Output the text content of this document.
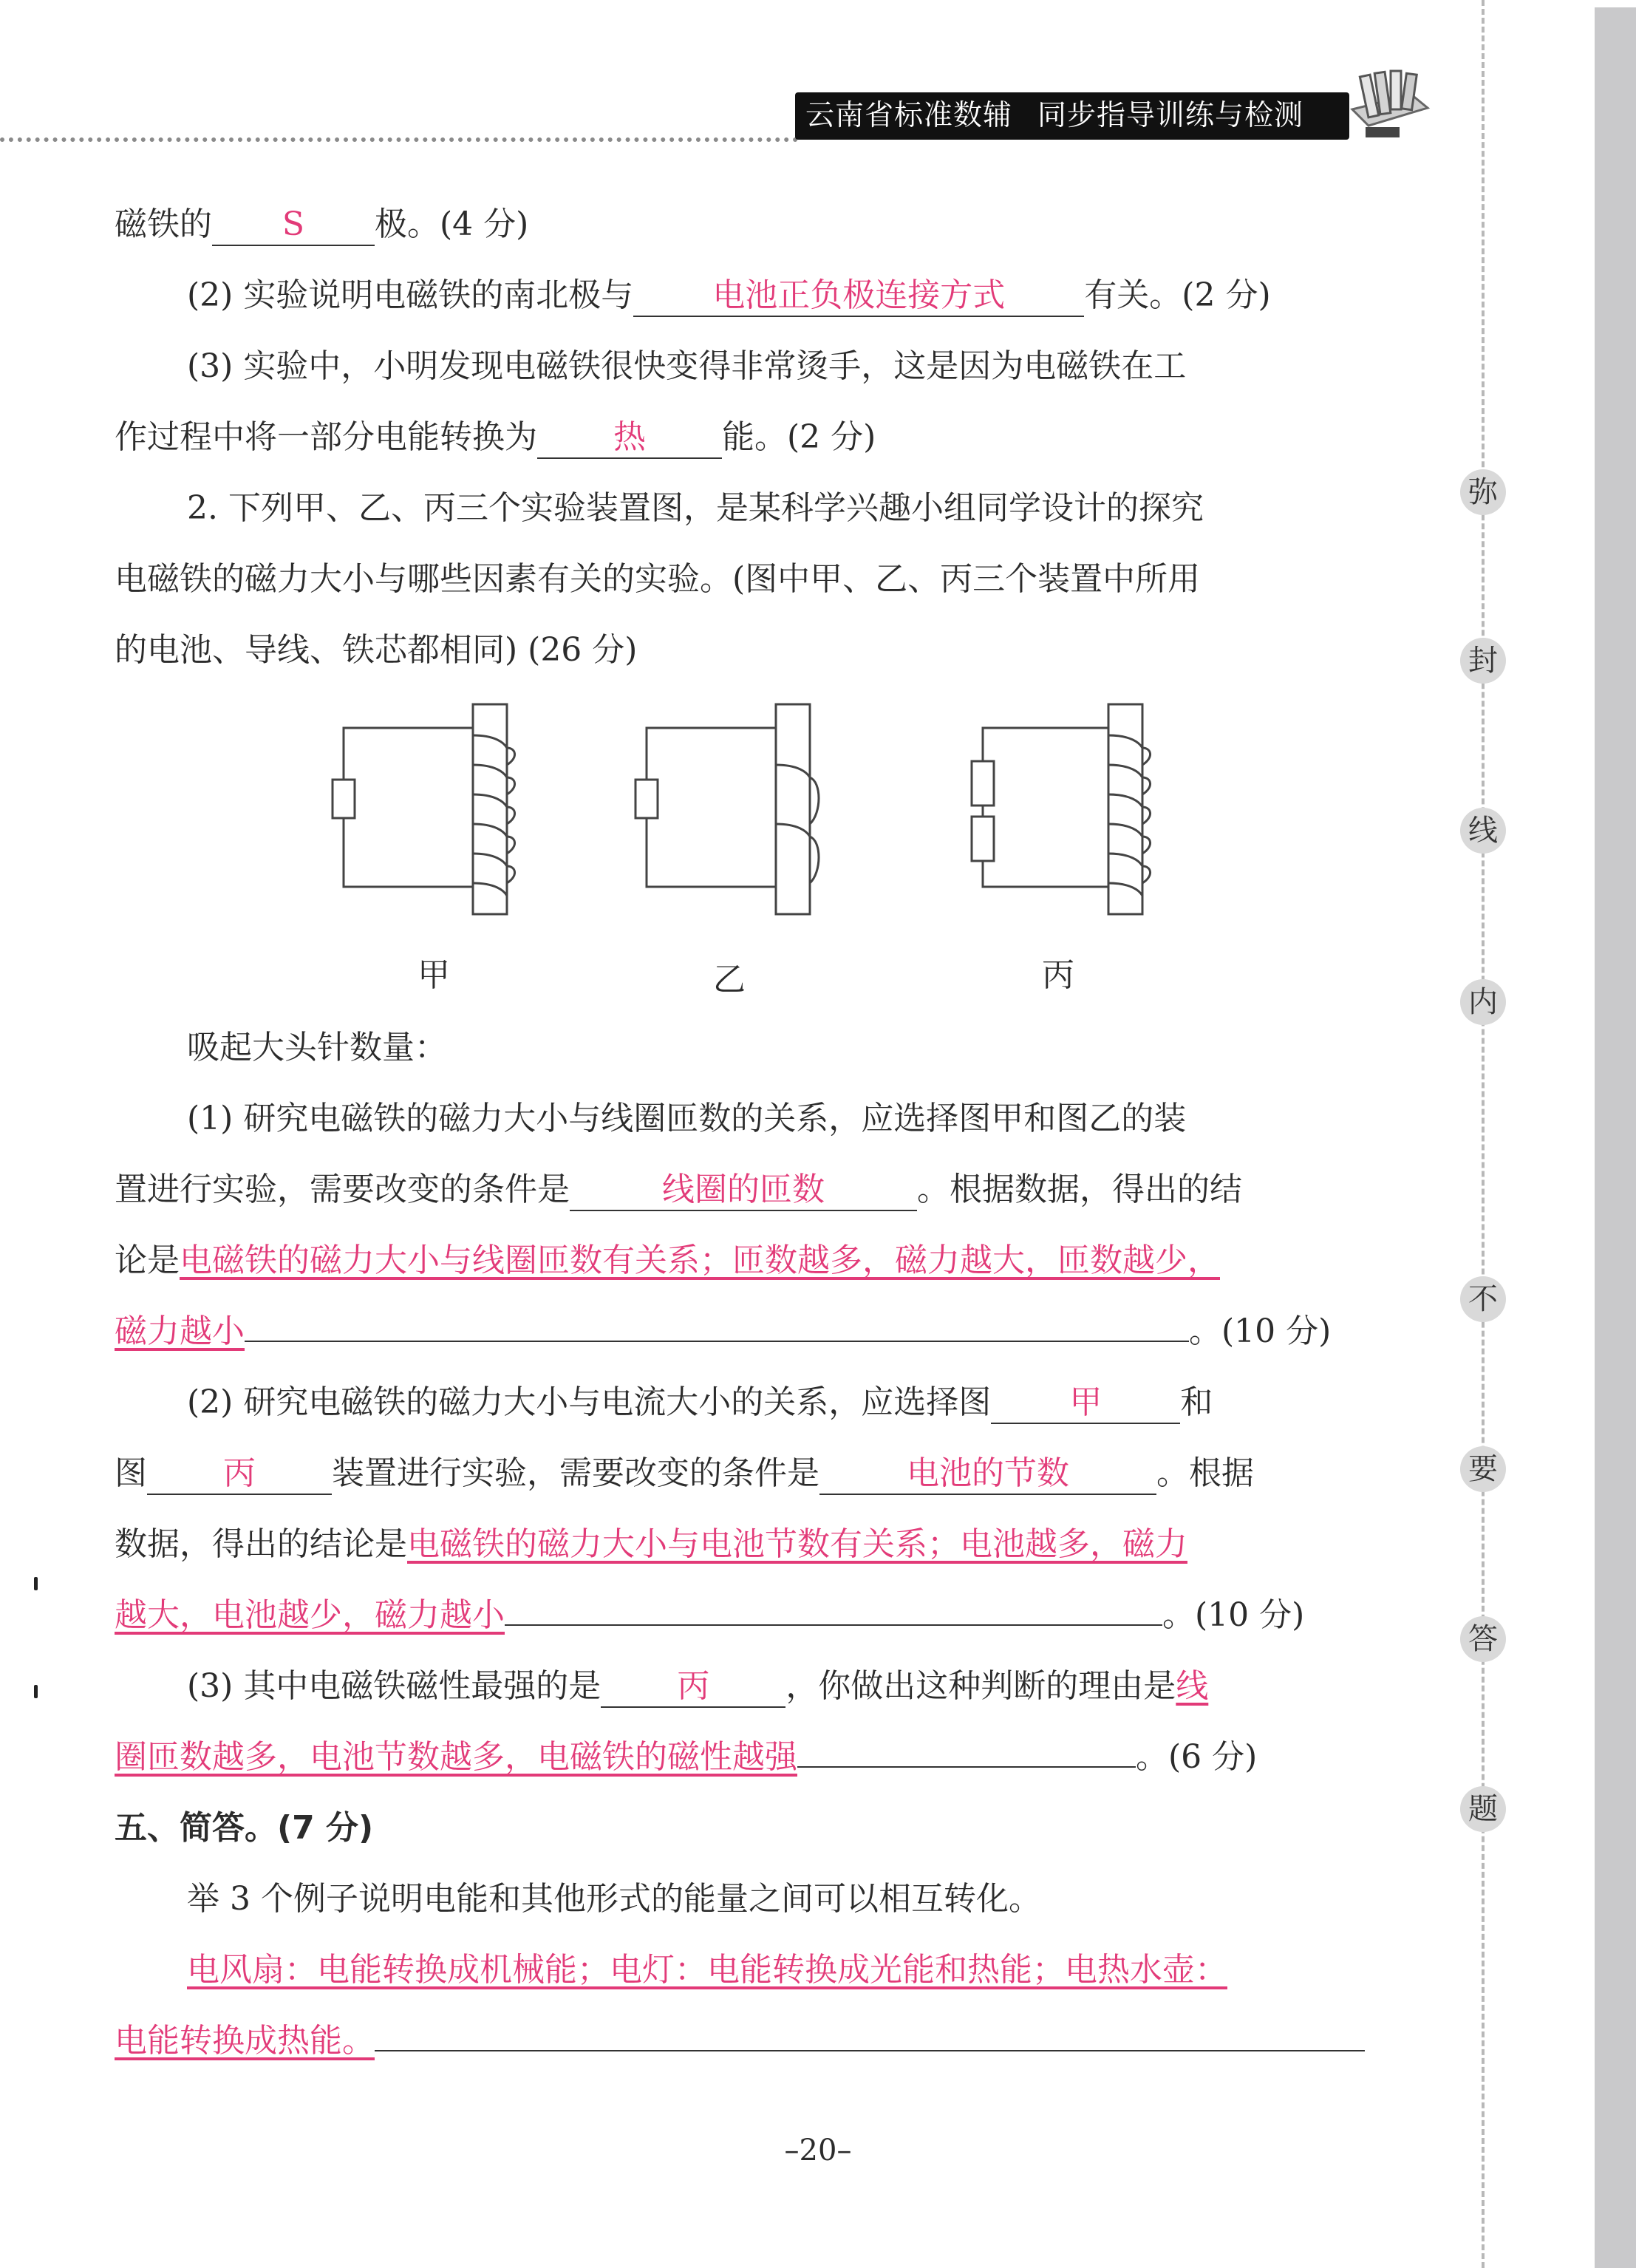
弥
封
线
内
不
要
答
题
云南省标准数辅 同步指导训练与检测
磁铁的 S 极。(4 分)
(2) 实验说明电磁铁的南北极与 电池正负极连接方式 有关。(2 分)
(3) 实验中，小明发现电磁铁很快变得非常烫手，这是因为电磁铁在工
作过程中将一部分电能转换为 热 能。(2 分)
2. 下列甲、乙、丙三个实验装置图，是某科学兴趣小组同学设计的探究
电磁铁的磁力大小与哪些因素有关的实验。(图中甲、乙、丙三个装置中所用
的电池、导线、铁芯都相同) (26 分)
甲	乙	丙
吸起大头针数量：
(1) 研究电磁铁的磁力大小与线圈匝数的关系，应选择图甲和图乙的装
置进行实验，需要改变的条件是	线圈的匝数	。根据数据，得出的结
论是电磁铁的磁力大小与线圈匝数有关系；匝数越多，磁力越大，匝数越少，
磁力越小	。(10 分)
(2) 研究电磁铁的磁力大小与电流大小的关系，应选择图 甲 和
图 丙 装置进行实验，需要改变的条件是	电池的节数	。根据
数据，得出的结论是电磁铁的磁力大小与电池节数有关系；电池越多，磁力
越大，电池越少，磁力越小	。(10 分)
(3) 其中电磁铁磁性最强的是 丙 ，你做出这种判断的理由是线
圈匝数越多，电池节数越多，电磁铁的磁性越强	。(6 分)
五、简答。(7 分)
举 3 个例子说明电能和其他形式的能量之间可以相互转化。
电风扇：电能转换成机械能；电灯：电能转换成光能和热能；电热水壶：
电能转换成热能。
–20–
